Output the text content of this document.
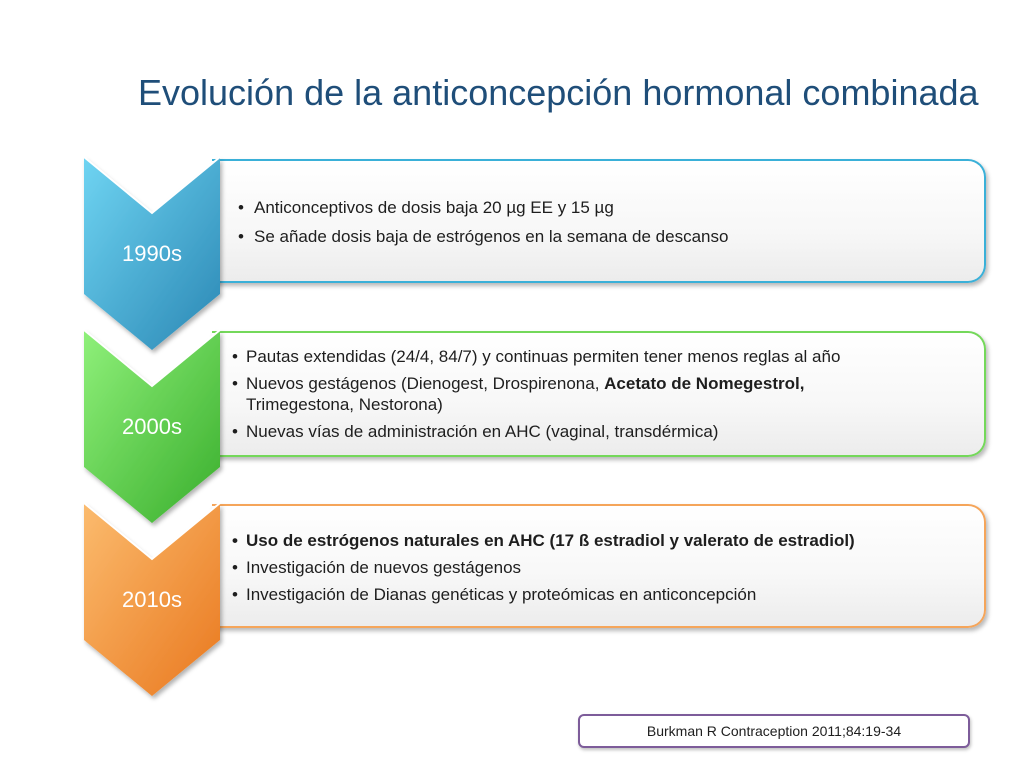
Evolución de la anticoncepción hormonal combinada
• Anticonceptivos de dosis baja 20 µg EE y 15 µg
• Se añade dosis baja de estrógenos en la semana de descanso
• Pautas extendidas (24/4, 84/7) y continuas permiten tener menos reglas al año
• Nuevos gestágenos (Dienogest, Drospirenona, Acetato de Nomegestrol,
Trimegestona, Nestorona)
• Nuevas vías de administración en AHC (vaginal, transdérmica)
• Uso de estrógenos naturales en AHC (17 ß estradiol y valerato de estradiol)
• Investigación de nuevos gestágenos
• Investigación de Dianas genéticas y proteómicas en anticoncepción
1990s
2000s
2010s
Burkman R Contraception 2011;84:19-34
